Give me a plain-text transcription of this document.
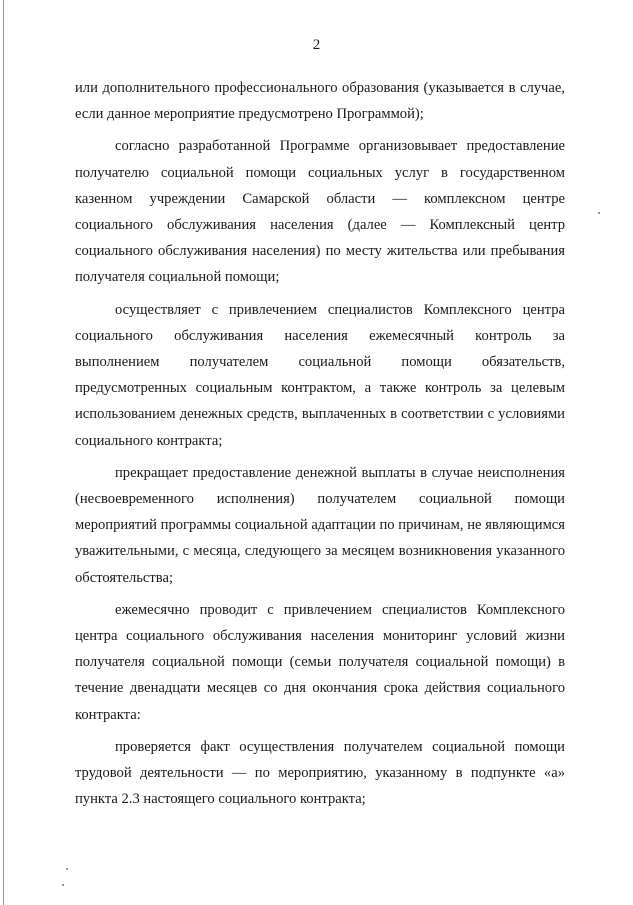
2

или дополнительного профессионального образования (указывается в случае, если данное мероприятие предусмотрено Программой);

согласно разработанной Программе организовывает предоставление получателю социальной помощи социальных услуг в государственном казенном учреждении Самарской области — комплексном центре социального обслуживания населения (далее — Комплексный центр социального обслуживания населения) по месту жительства или пребывания получателя социальной помощи;

осуществляет с привлечением специалистов Комплексного центра социального обслуживания населения ежемесячный контроль за выполнением получателем социальной помощи обязательств, предусмотренных социальным контрактом, а также контроль за целевым использованием денежных средств, выплаченных в соответствии с условиями социального контракта;

прекращает предоставление денежной выплаты в случае неисполнения (несвоевременного исполнения) получателем социальной помощи мероприятий программы социальной адаптации по причинам, не являющимся уважительными, с месяца, следующего за месяцем возникновения указанного обстоятельства;

ежемесячно проводит с привлечением специалистов Комплексного центра социального обслуживания населения мониторинг условий жизни получателя социальной помощи (семьи получателя социальной помощи) в течение двенадцати месяцев со дня окончания срока действия социального контракта:

проверяется факт осуществления получателем социальной помощи трудовой деятельности — по мероприятию, указанному в подпункте «а» пункта 2.3 настоящего социального контракта;
